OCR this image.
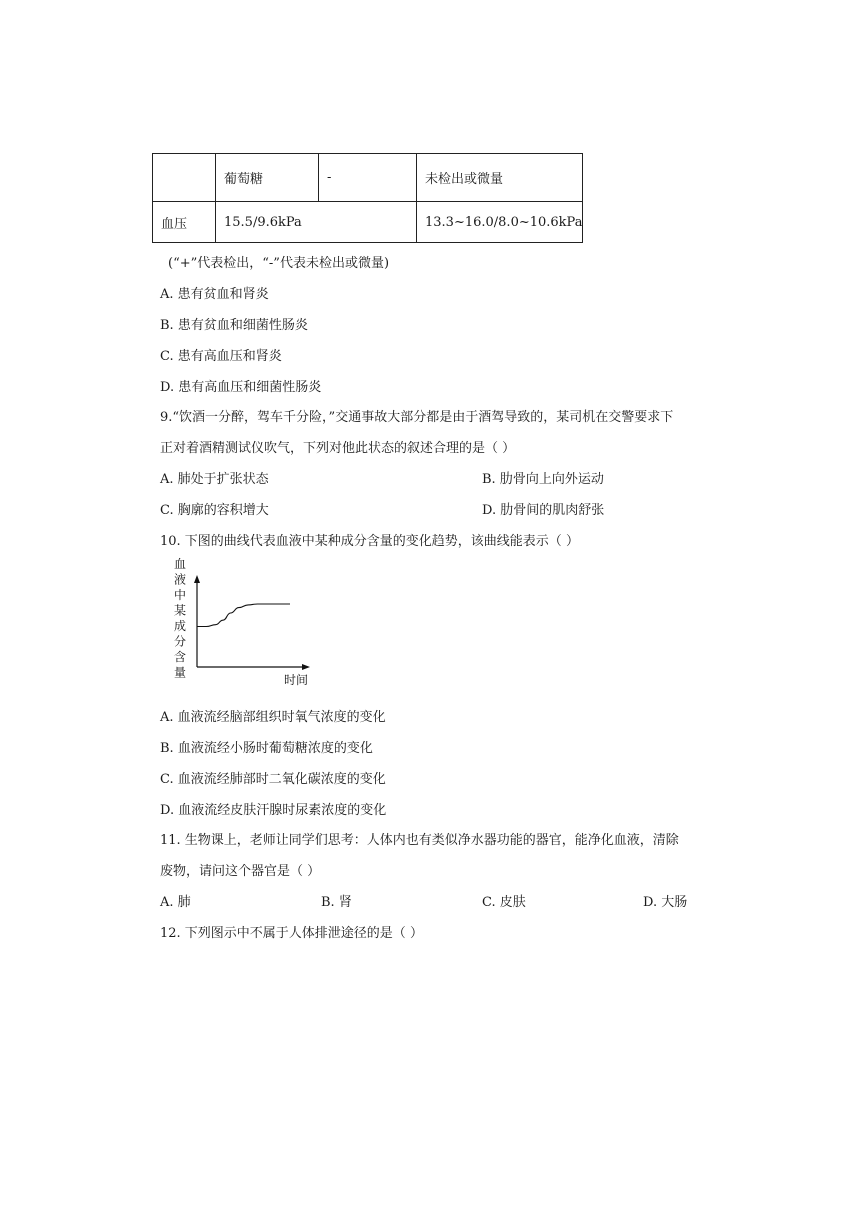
	葡萄糖	-	未检出或微量
血压	15.5/9.6kPa		13.3~16.0/8.0~10.6kPa
(“+”代表检出，“-”代表未检出或微量)
A. 患有贫血和肾炎
B. 患有贫血和细菌性肠炎
C. 患有高血压和肾炎
D. 患有高血压和细菌性肠炎
9.“饮酒一分醉，驾车千分险，”交通事故大部分都是由于酒驾导致的，某司机在交警要求下
正对着酒精测试仪吹气，下列对他此状态的叙述合理的是（ ）
A. 肺处于扩张状态	B. 肋骨向上向外运动
C. 胸廓的容积增大	D. 肋骨间的肌肉舒张
10. 下图的曲线代表血液中某种成分含量的变化趋势，该曲线能表示（ ）
血
液
中
某
成
分
含
量
时间
A. 血液流经脑部组织时氧气浓度的变化
B. 血液流经小肠时葡萄糖浓度的变化
C. 血液流经肺部时二氧化碳浓度的变化
D. 血液流经皮肤汗腺时尿素浓度的变化
11. 生物课上，老师让同学们思考：人体内也有类似净水器功能的器官，能净化血液，清除
废物，请问这个器官是（ ）
A. 肺	B. 肾	C. 皮肤	D. 大肠
12. 下列图示中不属于人体排泄途径的是（ ）
